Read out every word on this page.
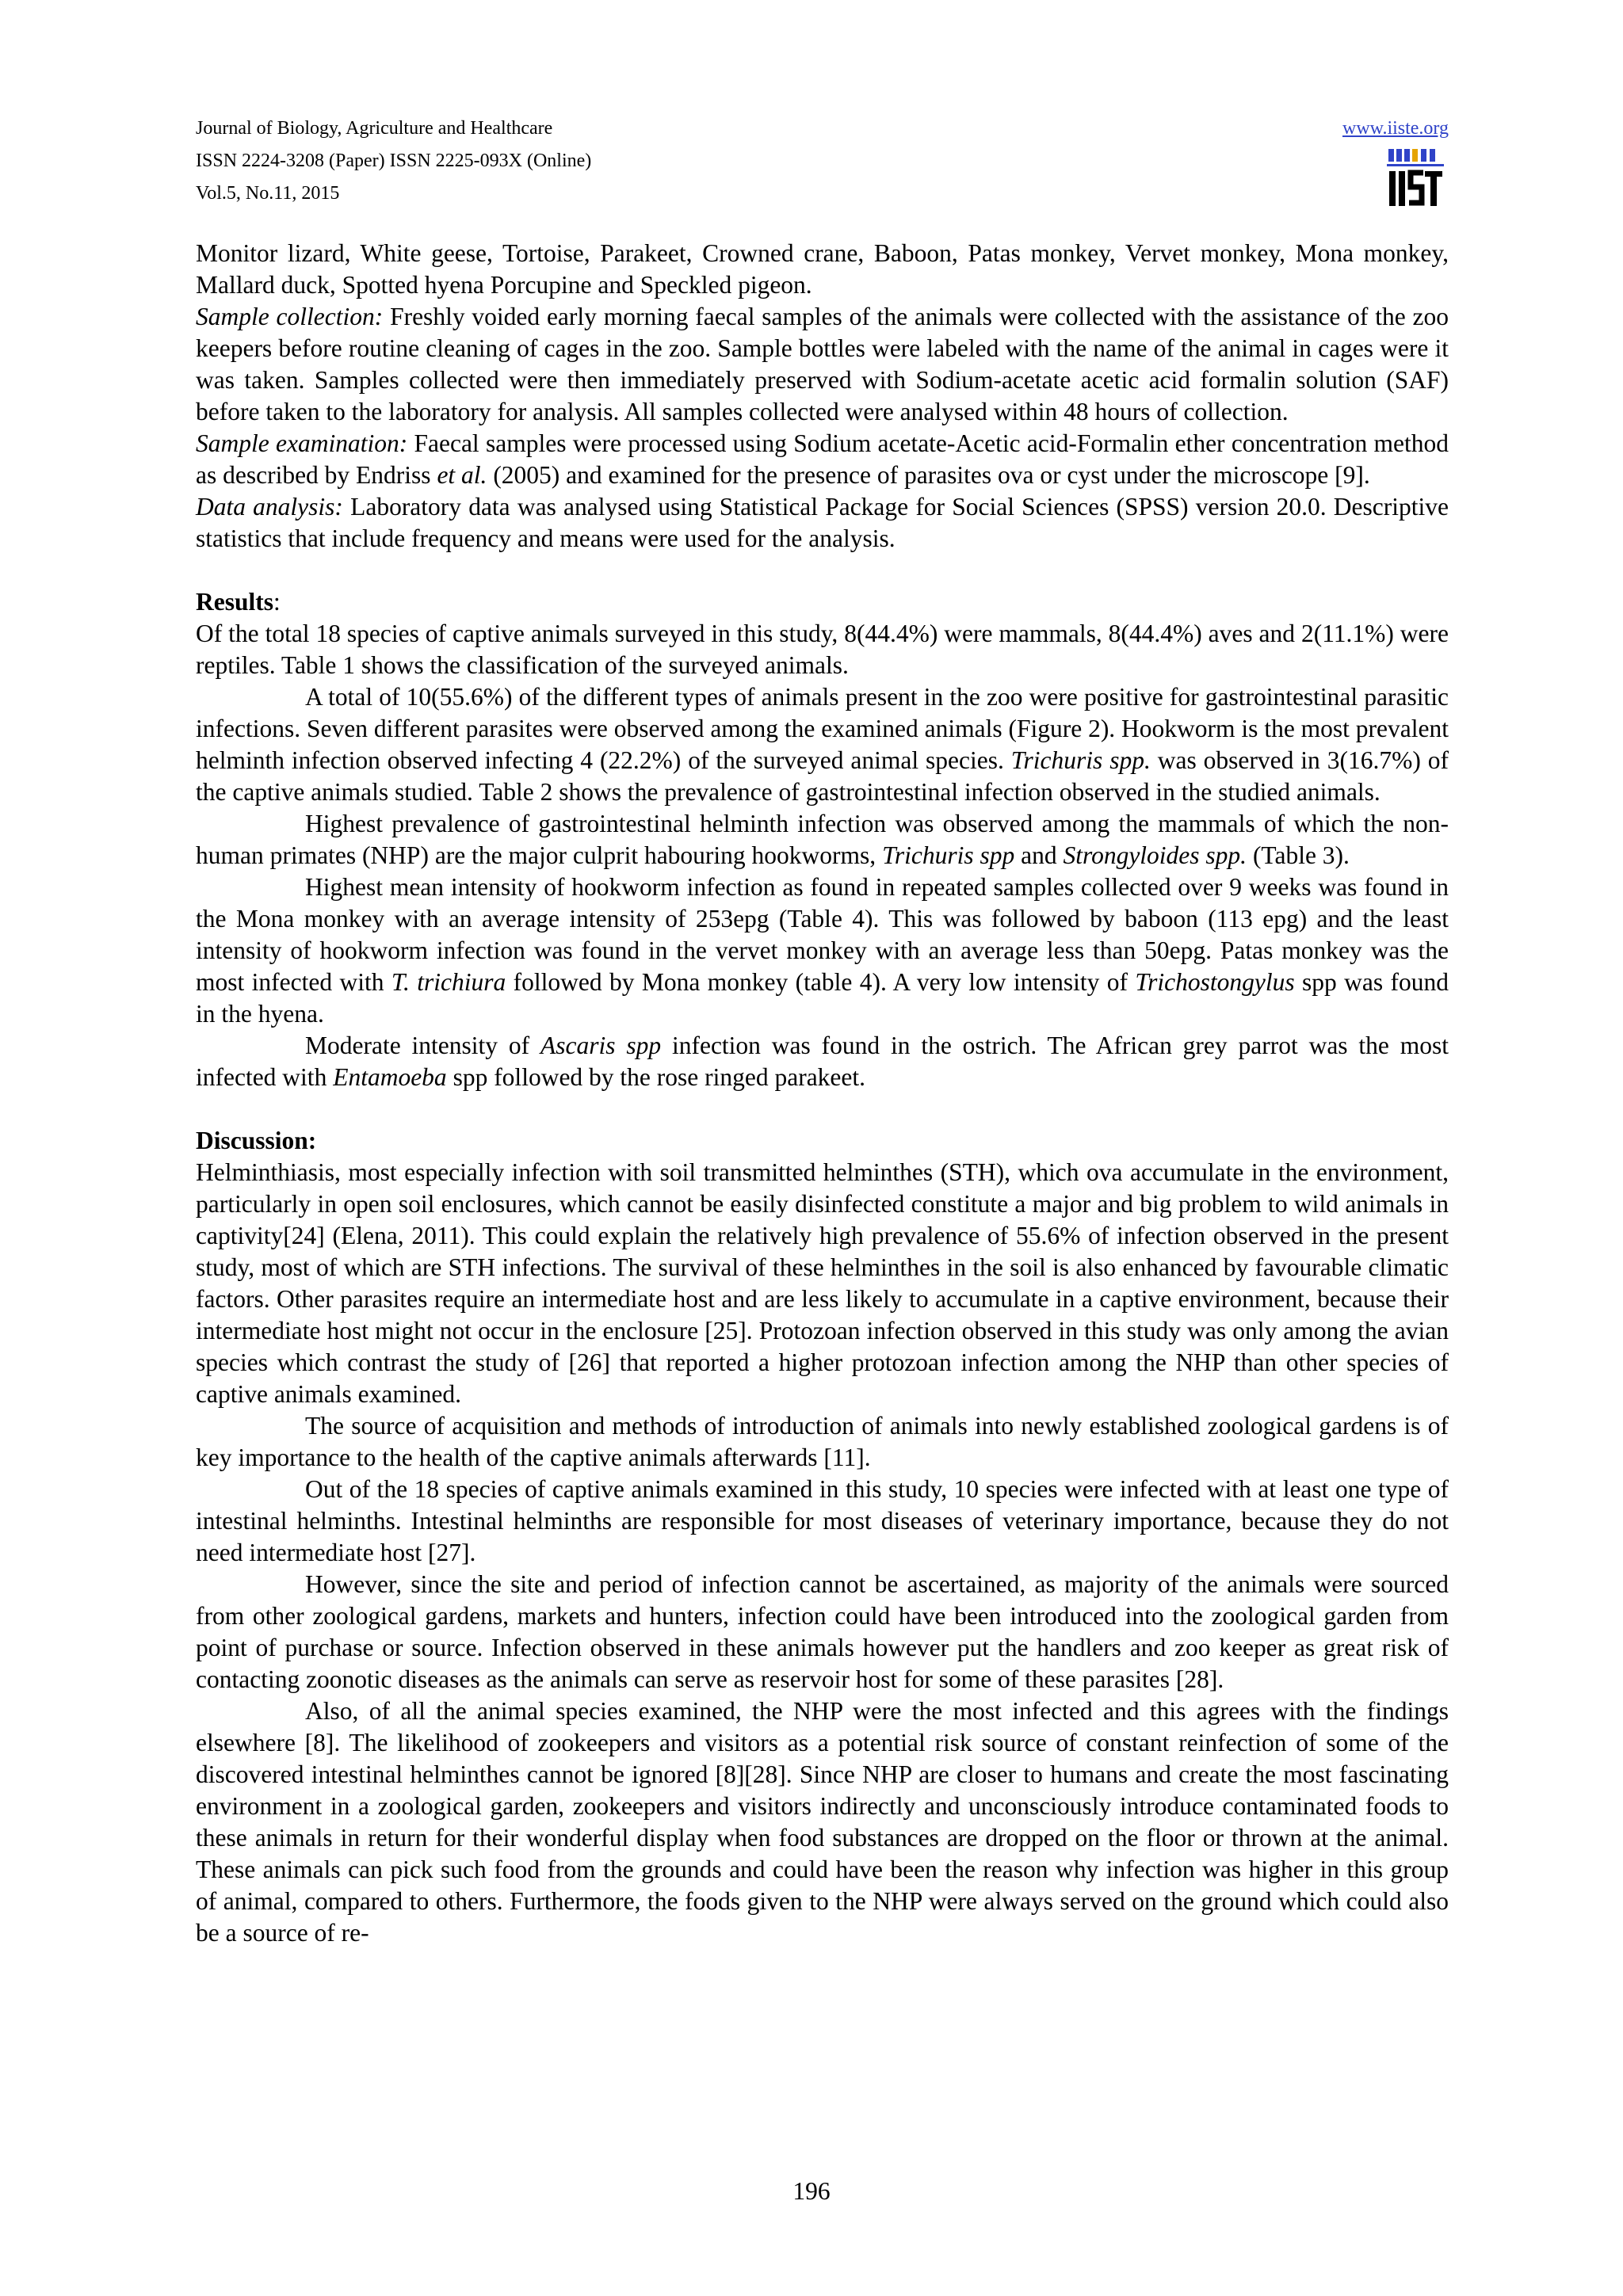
Journal of Biology, Agriculture and Healthcare
ISSN 2224-3208 (Paper) ISSN 2225-093X (Online)
Vol.5, No.11, 2015
www.iiste.org

Monitor lizard, White geese, Tortoise, Parakeet, Crowned crane, Baboon, Patas monkey, Vervet monkey, Mona monkey, Mallard duck, Spotted hyena Porcupine and Speckled pigeon.

Sample collection: Freshly voided early morning faecal samples of the animals were collected with the assistance of the zoo keepers before routine cleaning of cages in the zoo. Sample bottles were labeled with the name of the animal in cages were it was taken. Samples collected were then immediately preserved with Sodium-acetate acetic acid formalin solution (SAF) before taken to the laboratory for analysis. All samples collected were analysed within 48 hours of collection.

Sample examination: Faecal samples were processed using Sodium acetate-Acetic acid-Formalin ether concentration method as described by Endriss et al. (2005) and examined for the presence of parasites ova or cyst under the microscope [9].

Data analysis: Laboratory data was analysed using Statistical Package for Social Sciences (SPSS) version 20.0. Descriptive statistics that include frequency and means were used for the analysis.

Results:

Of the total 18 species of captive animals surveyed in this study, 8(44.4%) were mammals, 8(44.4%) aves and 2(11.1%) were reptiles. Table 1 shows the classification of the surveyed animals.

A total of 10(55.6%) of the different types of animals present in the zoo were positive for gastrointestinal parasitic infections. Seven different parasites were observed among the examined animals (Figure 2). Hookworm is the most prevalent helminth infection observed infecting 4 (22.2%) of the surveyed animal species. Trichuris spp. was observed in 3(16.7%) of the captive animals studied. Table 2 shows the prevalence of gastrointestinal infection observed in the studied animals.

Highest prevalence of gastrointestinal helminth infection was observed among the mammals of which the non-human primates (NHP) are the major culprit habouring hookworms, Trichuris spp and Strongyloides spp. (Table 3).

Highest mean intensity of hookworm infection as found in repeated samples collected over 9 weeks was found in the Mona monkey with an average intensity of 253epg (Table 4). This was followed by baboon (113 epg) and the least intensity of hookworm infection was found in the vervet monkey with an average less than 50epg. Patas monkey was the most infected with T. trichiura followed by Mona monkey (table 4). A very low intensity of Trichostongylus spp was found in the hyena.

Moderate intensity of Ascaris spp infection was found in the ostrich. The African grey parrot was the most infected with Entamoeba spp followed by the rose ringed parakeet.

Discussion:

Helminthiasis, most especially infection with soil transmitted helminthes (STH), which ova accumulate in the environment, particularly in open soil enclosures, which cannot be easily disinfected constitute a major and big problem to wild animals in captivity[24] (Elena, 2011). This could explain the relatively high prevalence of 55.6% of infection observed in the present study, most of which are STH infections. The survival of these helminthes in the soil is also enhanced by favourable climatic factors. Other parasites require an intermediate host and are less likely to accumulate in a captive environment, because their intermediate host might not occur in the enclosure [25]. Protozoan infection observed in this study was only among the avian species which contrast the study of [26] that reported a higher protozoan infection among the NHP than other species of captive animals examined.

The source of acquisition and methods of introduction of animals into newly established zoological gardens is of key importance to the health of the captive animals afterwards [11].

Out of the 18 species of captive animals examined in this study, 10 species were infected with at least one type of intestinal helminths. Intestinal helminths are responsible for most diseases of veterinary importance, because they do not need intermediate host [27].

However, since the site and period of infection cannot be ascertained, as majority of the animals were sourced from other zoological gardens, markets and hunters, infection could have been introduced into the zoological garden from point of purchase or source. Infection observed in these animals however put the handlers and zoo keeper as great risk of contacting zoonotic diseases as the animals can serve as reservoir host for some of these parasites [28].

Also, of all the animal species examined, the NHP were the most infected and this agrees with the findings elsewhere [8]. The likelihood of zookeepers and visitors as a potential risk source of constant reinfection of some of the discovered intestinal helminthes cannot be ignored [8][28]. Since NHP are closer to humans and create the most fascinating environment in a zoological garden, zookeepers and visitors indirectly and unconsciously introduce contaminated foods to these animals in return for their wonderful display when food substances are dropped on the floor or thrown at the animal. These animals can pick such food from the grounds and could have been the reason why infection was higher in this group of animal, compared to others. Furthermore, the foods given to the NHP were always served on the ground which could also be a source of re-

196
